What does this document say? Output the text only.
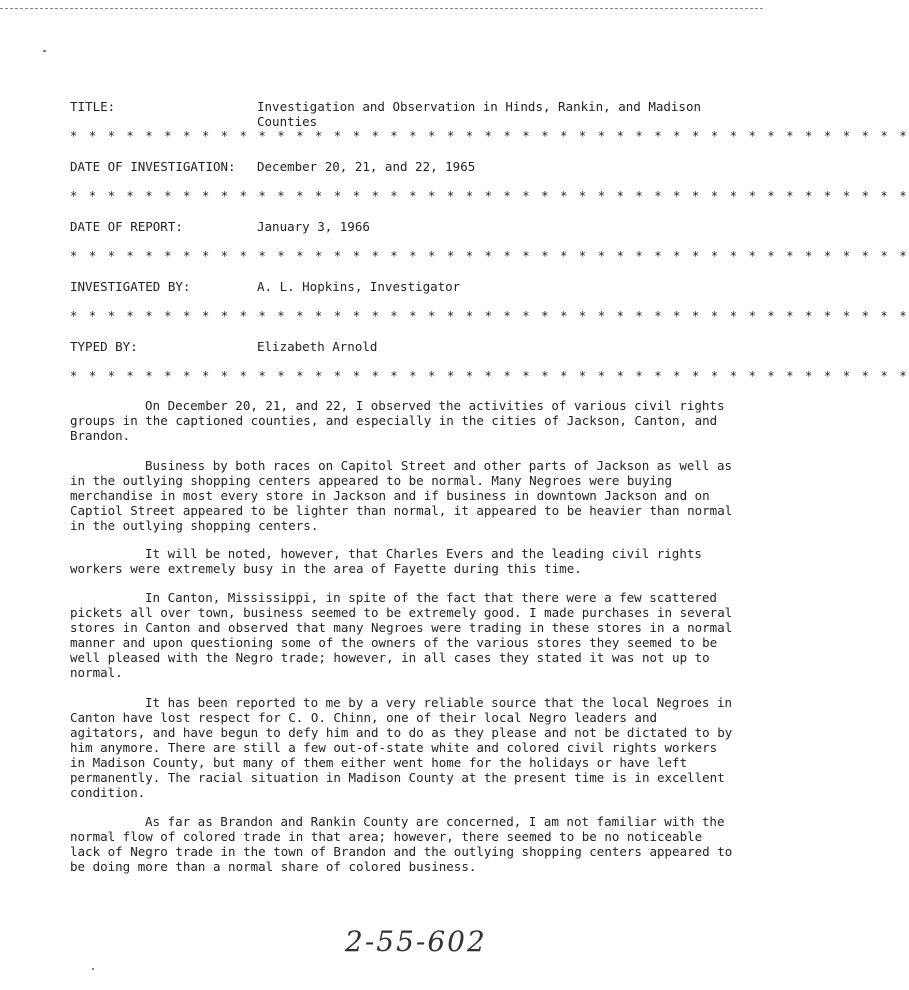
TITLE:	Investigation and Observation in Hinds, Rankin, and Madison Counties
* * * * * * * * * * * * * * * * * * * * * * * * * * * * * * * * * * * * * * * * * * * * *
DATE OF INVESTIGATION: December 20, 21, and 22, 1965
* * * * * * * * * * * * * * * * * * * * * * * * * * * * * * * * * * * * * * * * * * * * *
DATE OF REPORT:	January 3, 1966
* * * * * * * * * * * * * * * * * * * * * * * * * * * * * * * * * * * * * * * * * * * * *
INVESTIGATED BY:	A. L. Hopkins, Investigator
* * * * * * * * * * * * * * * * * * * * * * * * * * * * * * * * * * * * * * * * * * * * *
TYPED BY:	Elizabeth Arnold
* * * * * * * * * * * * * * * * * * * * * * * * * * * * * * * * * * * * * * * * * * * * *

On December 20, 21, and 22, I observed the activities of various civil rights groups in the captioned counties, and especially in the cities of Jackson, Canton, and Brandon.

Business by both races on Capitol Street and other parts of Jackson as well as in the outlying shopping centers appeared to be normal. Many Negroes were buying merchandise in most every store in Jackson and if business in downtown Jackson and on Captiol Street appeared to be lighter than normal, it appeared to be heavier than normal in the outlying shopping centers.

It will be noted, however, that Charles Evers and the leading civil rights workers were extremely busy in the area of Fayette during this time.

In Canton, Mississippi, in spite of the fact that there were a few scattered pickets all over town, business seemed to be extremely good. I made purchases in several stores in Canton and observed that many Negroes were trading in these stores in a normal manner and upon questioning some of the owners of the various stores they seemed to be well pleased with the Negro trade; however, in all cases they stated it was not up to normal.

It has been reported to me by a very reliable source that the local Negroes in Canton have lost respect for C. O. Chinn, one of their local Negro leaders and agitators, and have begun to defy him and to do as they please and not be dictated to by him anymore. There are still a few out-of-state white and colored civil rights workers in Madison County, but many of them either went home for the holidays or have left permanently. The racial situation in Madison County at the present time is in excellent condition.

As far as Brandon and Rankin County are concerned, I am not familiar with the normal flow of colored trade in that area; however, there seemed to be no noticeable lack of Negro trade in the town of Brandon and the outlying shopping centers appeared to be doing more than a normal share of colored business.

2-55-602
